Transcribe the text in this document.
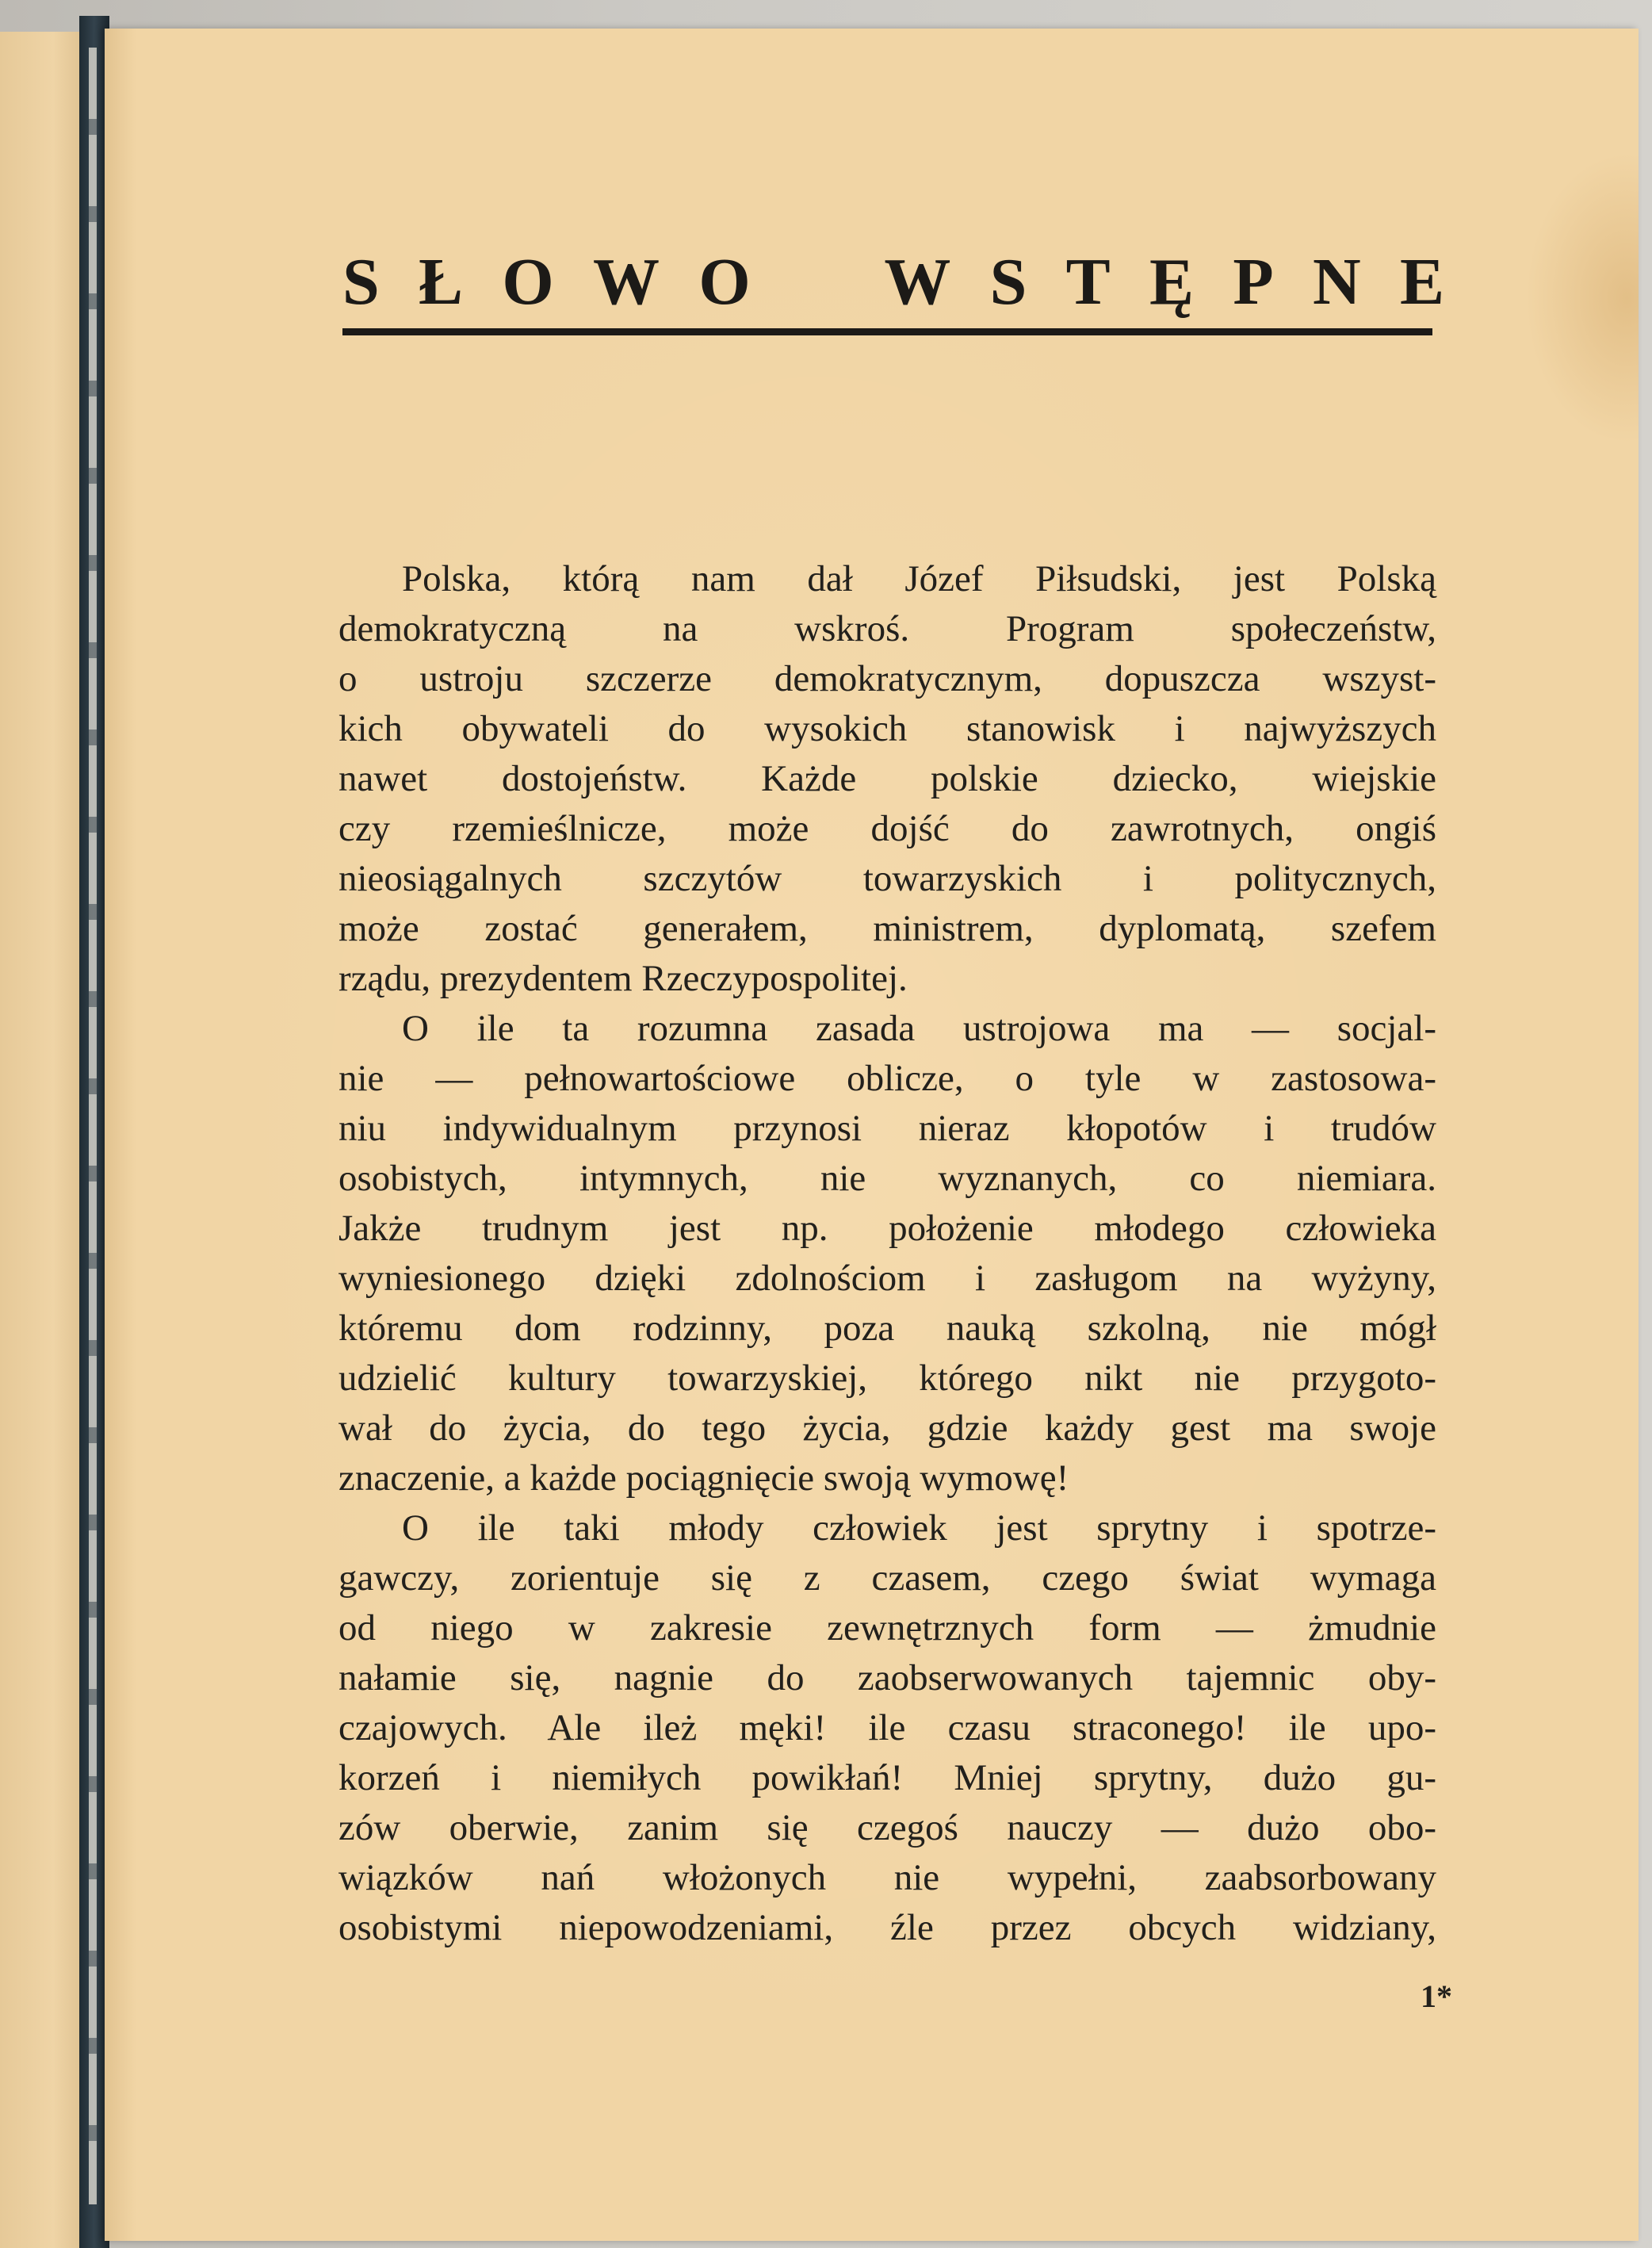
S Ł O W O W S T Ę P N E
Polska, którą nam dał Józef Piłsudski, jest Polską
demokratyczną na wskroś. Program społeczeństw,
o ustroju szczerze demokratycznym, dopuszcza wszyst-
kich obywateli do wysokich stanowisk i najwyższych
nawet dostojeństw. Każde polskie dziecko, wiejskie
czy rzemieślnicze, może dojść do zawrotnych, ongiś
nieosiągalnych szczytów towarzyskich i politycznych,
może zostać generałem, ministrem, dyplomatą, szefem
rządu, prezydentem Rzeczypospolitej.
O ile ta rozumna zasada ustrojowa ma — socjal-
nie — pełnowartościowe oblicze, o tyle w zastosowa-
niu indywidualnym przynosi nieraz kłopotów i trudów
osobistych, intymnych, nie wyznanych, co niemiara.
Jakże trudnym jest np. położenie młodego człowieka
wyniesionego dzięki zdolnościom i zasługom na wyżyny,
któremu dom rodzinny, poza nauką szkolną, nie mógł
udzielić kultury towarzyskiej, którego nikt nie przygoto-
wał do życia, do tego życia, gdzie każdy gest ma swoje
znaczenie, a każde pociągnięcie swoją wymowę!
O ile taki młody człowiek jest sprytny i spotrze-
gawczy, zorientuje się z czasem, czego świat wymaga
od niego w zakresie zewnętrznych form — żmudnie
nałamie się, nagnie do zaobserwowanych tajemnic oby-
czajowych. Ale ileż męki! ile czasu straconego! ile upo-
korzeń i niemiłych powikłań! Mniej sprytny, dużo gu-
zów oberwie, zanim się czegoś nauczy — dużo obo-
wiązków nań włożonych nie wypełni, zaabsorbowany
osobistymi niepowodzeniami, źle przez obcych widziany,
1*
